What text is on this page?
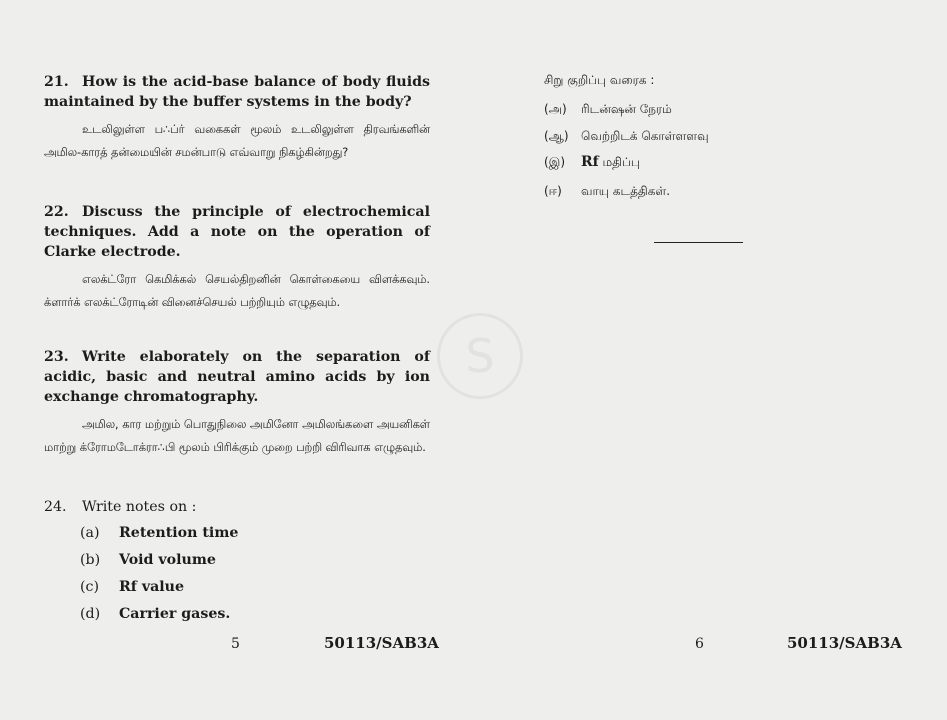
S

21. How is the acid-base balance of body fluids maintained by the buffer systems in the body?

உடலிலுள்ள ப∴ப்ர் வகைகள் மூலம் உடலிலுள்ள திரவங்களின் அமில-காரத் தன்மையின் சமன்பாடு எவ்வாறு நிகழ்கின்றது?

22. Discuss the principle of electrochemical techniques. Add a note on the operation of Clarke electrode.

எலக்ட்ரோ கெமிக்கல் செயல்திறனின் கொள்கையை விளக்கவும். க்ளார்க் எலக்ட்ரோடின் வினைச்செயல் பற்றியும் எழுதவும்.

23. Write elaborately on the separation of acidic, basic and neutral amino acids by ion exchange chromatography.

அமில, கார மற்றும் பொதுநிலை அமினோ அமிலங்களை அயனிகள் மாற்று க்ரோமடோக்ரா∴பி மூலம் பிரிக்கும் முறை பற்றி விரிவாக எழுதவும்.

24. Write notes on :

(a) Retention time
(b) Void volume
(c) Rf value
(d) Carrier gases.
5	50113/SAB3A
சிறு குறிப்பு வரைக :
(அ) ரிடன்ஷன் நேரம்
(ஆ) வெற்றிடக் கொள்ளளவு
(இ) Rf மதிப்பு
(ஈ) வாயு கடத்திகள்.
6	50113/SAB3A
